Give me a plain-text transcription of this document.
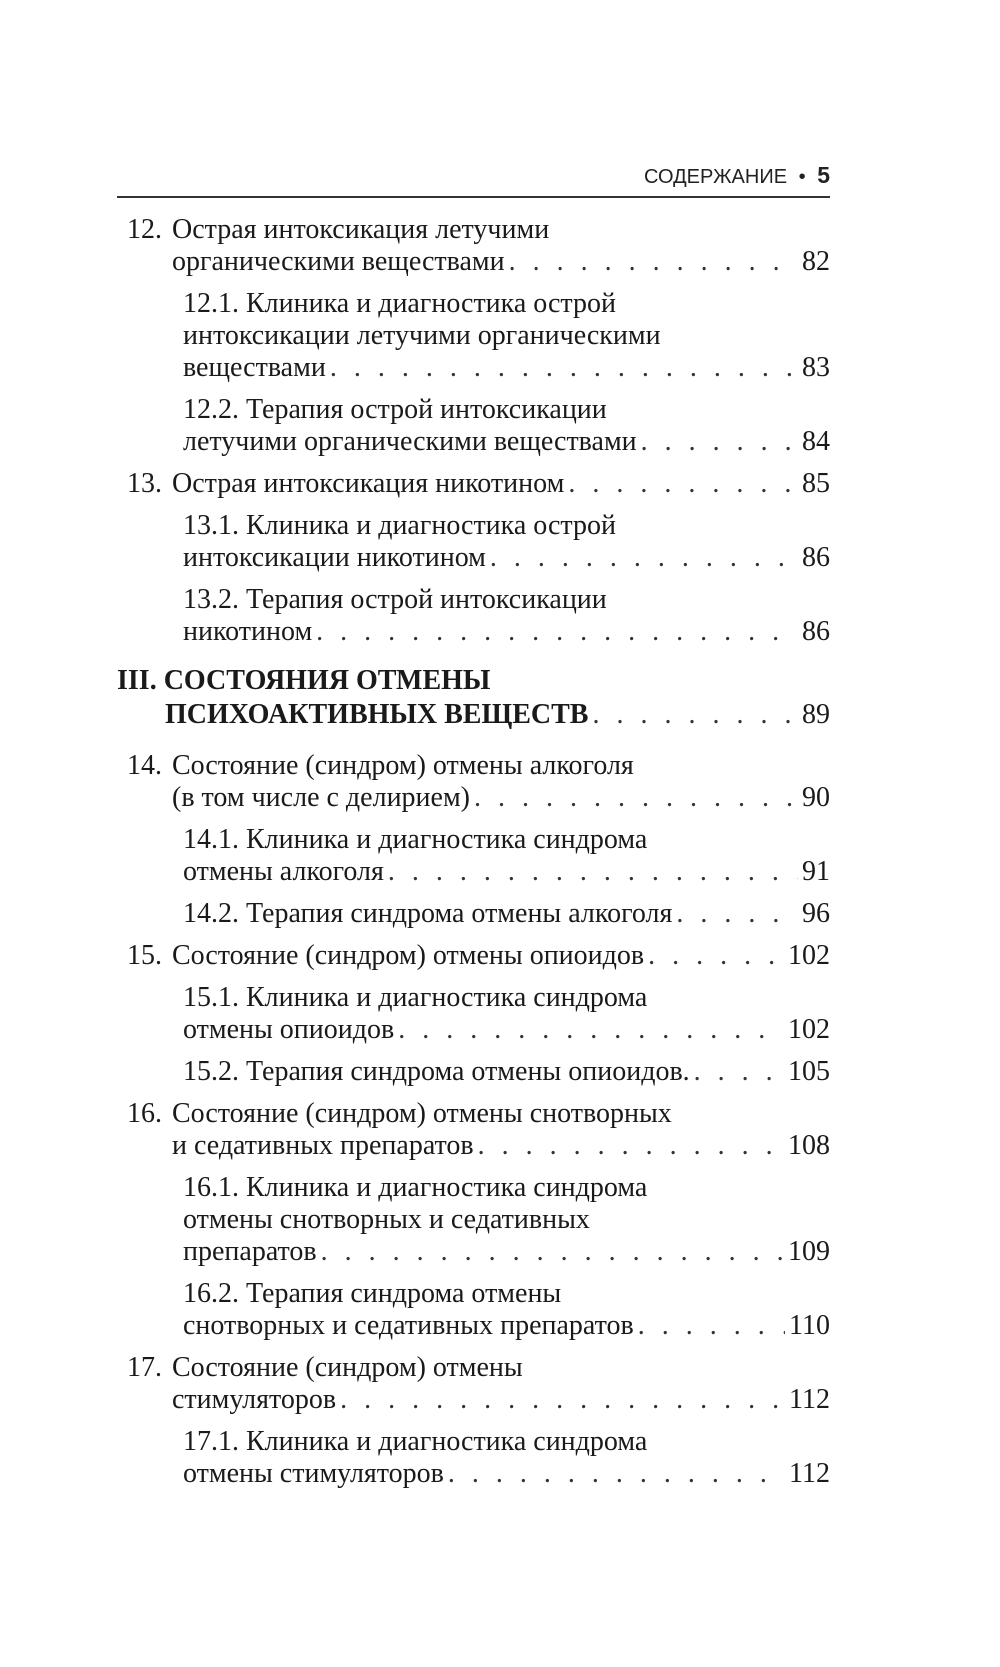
СОДЕРЖАНИЕ • 5
12. Острая интоксикация летучими
органическими веществами . . .	82
12.1. Клиника и диагностика острой
интоксикации летучими органическими
веществами . . .	83
12.2. Терапия острой интоксикации
летучими органическими веществами . . .	84
13. Острая интоксикация никотином . . .	85
13.1. Клиника и диагностика острой
интоксикации никотином . . .	86
13.2. Терапия острой интоксикации
никотином . . .	86
III. СОСТОЯНИЯ ОТМЕНЫ
ПСИХОАКТИВНЫХ ВЕЩЕСТВ . . .	89
14. Состояние (синдром) отмены алкоголя
(в том числе с делирием) . . .	90
14.1. Клиника и диагностика синдрома
отмены алкоголя . . .	91
14.2. Терапия синдрома отмены алкоголя . . .	96
15. Состояние (синдром) отмены опиоидов . . .	102
15.1. Клиника и диагностика синдрома
отмены опиоидов . . .	102
15.2. Терапия синдрома отмены опиоидов. . . .	105
16. Состояние (синдром) отмены снотворных
и седативных препаратов . . .	108
16.1. Клиника и диагностика синдрома
отмены снотворных и седативных
препаратов . . .	109
16.2. Терапия синдрома отмены
снотворных и седативных препаратов . . .	110
17. Состояние (синдром) отмены
стимуляторов . . .	112
17.1. Клиника и диагностика синдрома
отмены стимуляторов . . .	112
